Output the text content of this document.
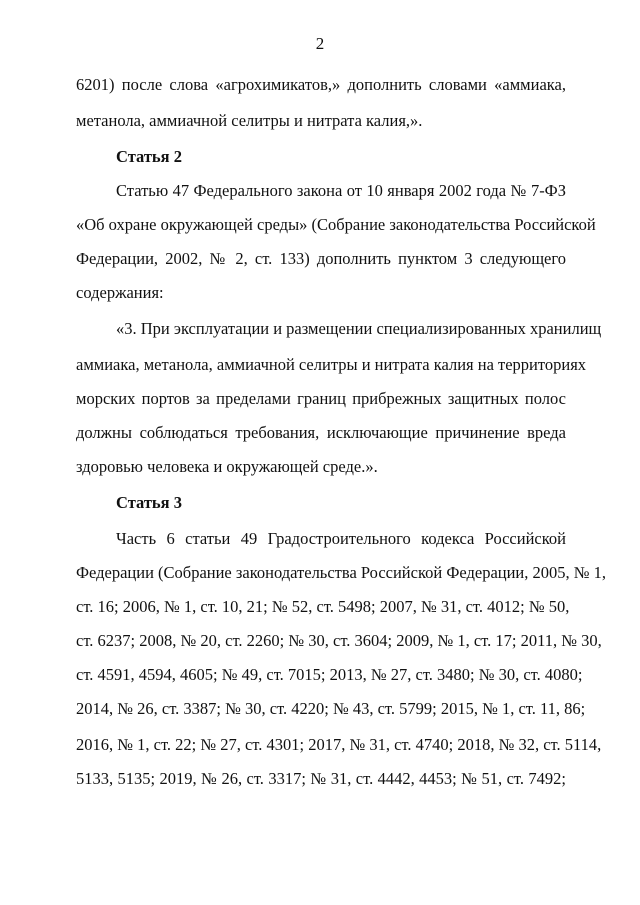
2
6201) после слова «агрохимикатов,» дополнить словами «аммиака,
метанола, аммиачной селитры и нитрата калия,».
Статья 2
Статью 47 Федерального закона от 10 января 2002 года № 7-ФЗ
«Об охране окружающей среды» (Собрание законодательства Российской
Федерации, 2002, № 2, ст. 133) дополнить пунктом 3 следующего
содержания:
«3. При эксплуатации и размещении специализированных хранилищ
аммиака, метанола, аммиачной селитры и нитрата калия на территориях
морских портов за пределами границ прибрежных защитных полос
должны соблюдаться требования, исключающие причинение вреда
здоровью человека и окружающей среде.».
Статья 3
Часть 6 статьи 49 Градостроительного кодекса Российской
Федерации (Собрание законодательства Российской Федерации, 2005, № 1,
ст. 16; 2006, № 1, ст. 10, 21; № 52, ст. 5498; 2007, № 31, ст. 4012; № 50,
ст. 6237; 2008, № 20, ст. 2260; № 30, ст. 3604; 2009, № 1, ст. 17; 2011, № 30,
ст. 4591, 4594, 4605; № 49, ст. 7015; 2013, № 27, ст. 3480; № 30, ст. 4080;
2014, № 26, ст. 3387; № 30, ст. 4220; № 43, ст. 5799; 2015, № 1, ст. 11, 86;
2016, № 1, ст. 22; № 27, ст. 4301; 2017, № 31, ст. 4740; 2018, № 32, ст. 5114,
5133, 5135; 2019, № 26, ст. 3317; № 31, ст. 4442, 4453; № 51, ст. 7492;
